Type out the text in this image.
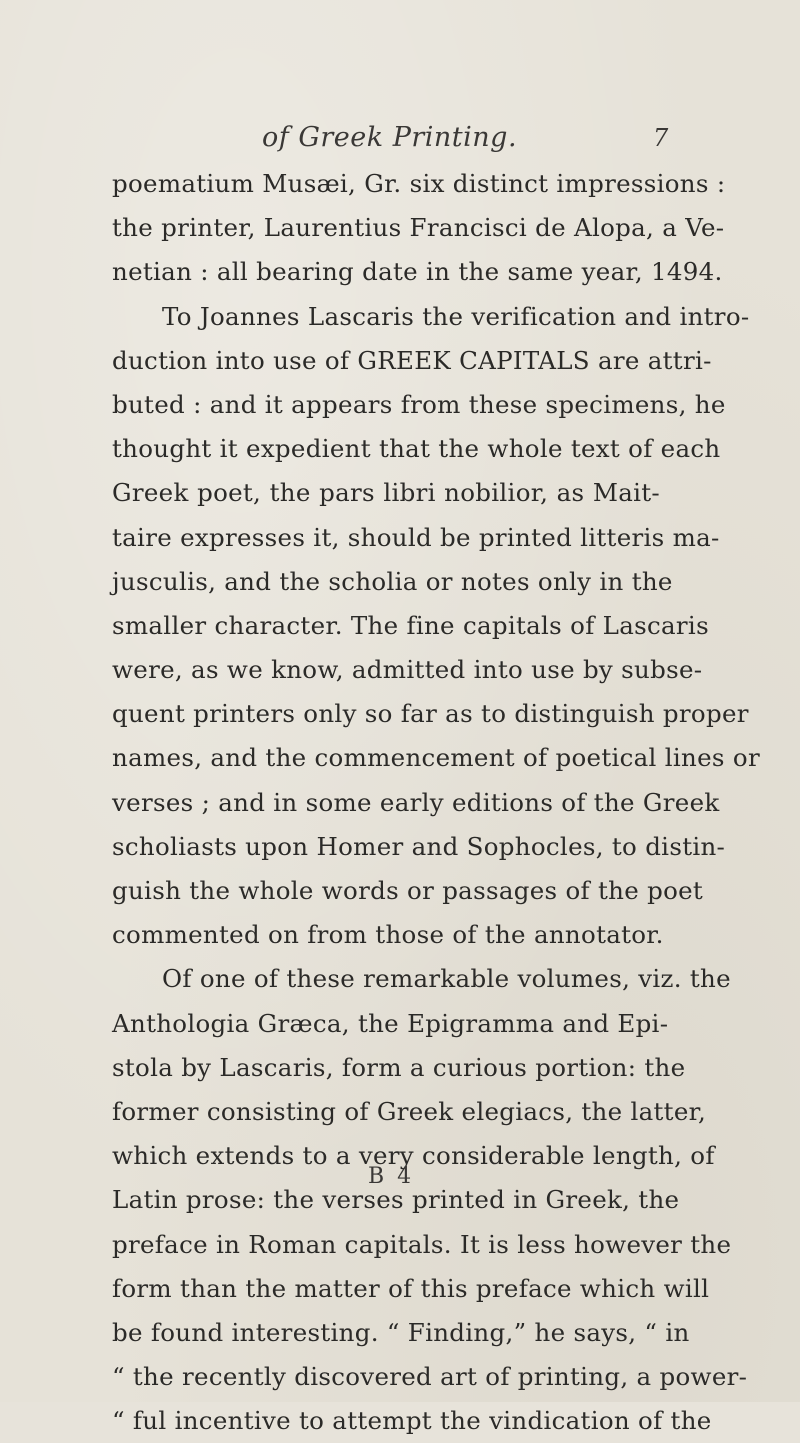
of Greek Printing.	7
poematium Musæi, Gr. six distinct impressions :
the printer, Laurentius Francisci de Alopa, a Ve-
netian : all bearing date in the same year, 1494.
To Joannes Lascaris the verification and intro-
duction into use of GREEK CAPITALS are attri-
buted : and it appears from these specimens, he
thought it expedient that the whole text of each
Greek poet, the pars libri nobilior, as Mait-
taire expresses it, should be printed litteris ma-
jusculis, and the scholia or notes only in the
smaller character. The fine capitals of Lascaris
were, as we know, admitted into use by subse-
quent printers only so far as to distinguish proper
names, and the commencement of poetical lines or
verses ; and in some early editions of the Greek
scholiasts upon Homer and Sophocles, to distin-
guish the whole words or passages of the poet
commented on from those of the annotator.
Of one of these remarkable volumes, viz. the
Anthologia Græca, the Epigramma and Epi-
stola by Lascaris, form a curious portion: the
former consisting of Greek elegiacs, the latter,
which extends to a very considerable length, of
Latin prose: the verses printed in Greek, the
preface in Roman capitals. It is less however the
form than the matter of this preface which will
be found interesting. “ Finding,” he says, “ in
“ the recently discovered art of printing, a power-
“ ful incentive to attempt the vindication of the
B 4
